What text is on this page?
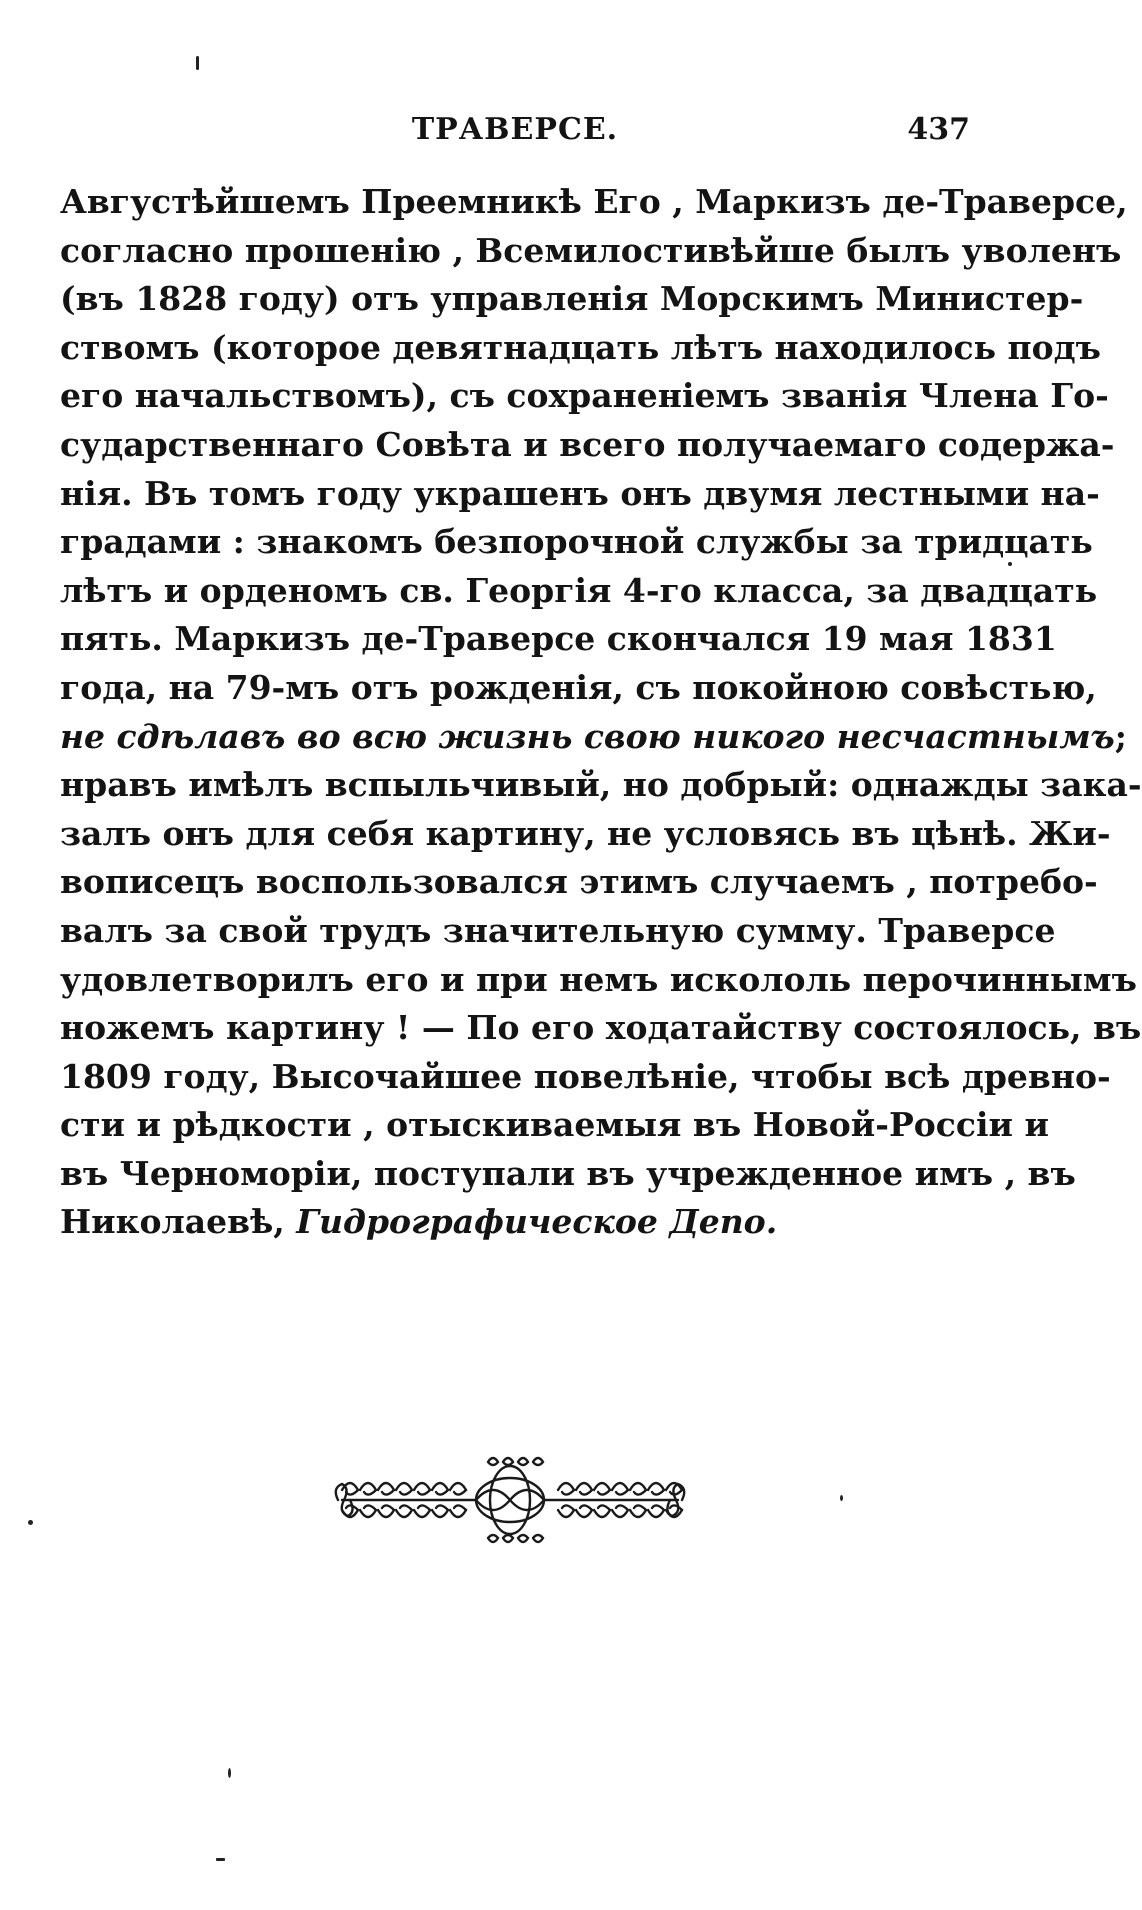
ТРАВЕРСЕ.	437
Августѣйшемъ Преемникѣ Его , Маркизъ де-Траверсе,
согласно прошенію , Всемилостивѣйше былъ уволенъ
(въ 1828 году) отъ управленія Морскимъ Министер-
ствомъ (которое девятнадцать лѣтъ находилось подъ
его начальствомъ), съ сохраненіемъ званія Члена Го-
сударственнаго Совѣта и всего получаемаго содержа-
нія. Въ томъ году украшенъ онъ двумя лестными на-
градами : знакомъ безпорочной службы за тридцать
лѣтъ и орденомъ св. Георгія 4-го класса, за двадцать
пять. Маркизъ де-Траверсе скончался 19 мая 1831
года, на 79-мъ отъ рожденія, съ покойною совѣстью,
не сдѣлавъ во всю жизнь свою никого несчастнымъ;
нравъ имѣлъ вспыльчивый, но добрый: однажды зака-
залъ онъ для себя картину, не условясь въ цѣнѣ. Жи-
вописецъ воспользовался этимъ случаемъ , потребо-
валъ за свой трудъ значительную сумму. Траверсе
удовлетворилъ его и при немъ искололь перочиннымъ
ножемъ картину ! — По его ходатайству состоялось, въ
1809 году, Высочайшее повелѣніе, чтобы всѣ древно-
сти и рѣдкости , отыскиваемыя въ Новой-Россіи и
въ Черноморіи, поступали въ учрежденное имъ , въ
Николаевѣ, Гидрографическое Депо.
